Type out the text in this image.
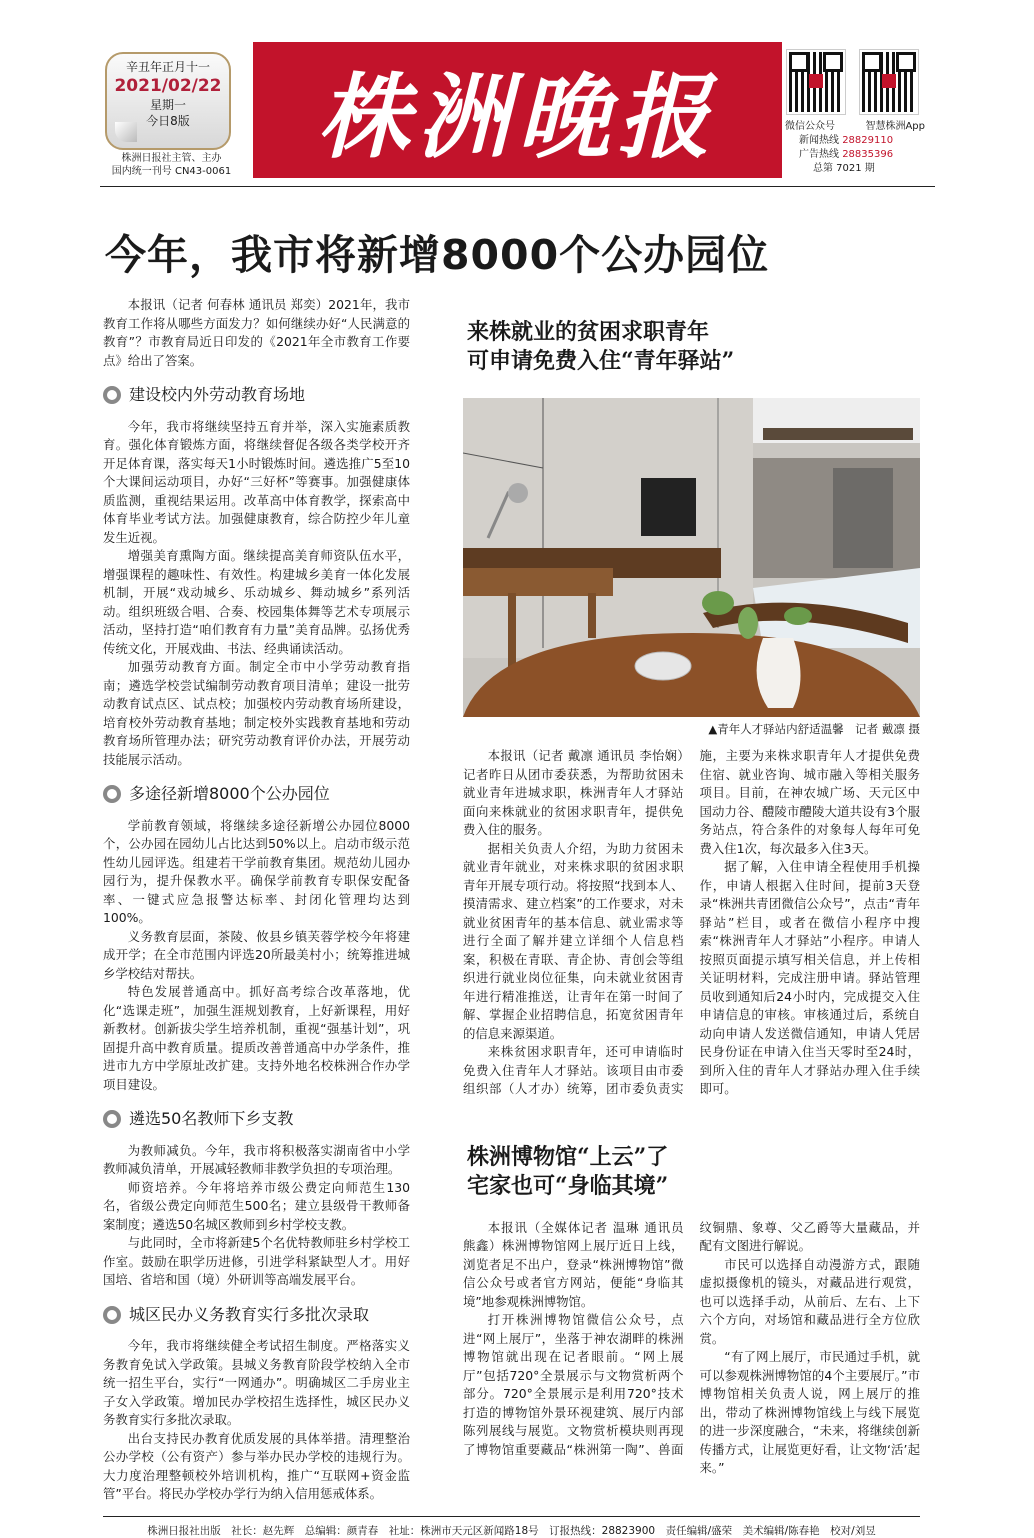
辛丑年正月十一
2021/02/22
星期一
今日8版
株洲日报社主管、主办
国内统一刊号 CN43-0061
株洲晚报	微信公众号	智慧株洲App
新闻热线 28829110
广告热线 28835396
总第 7021 期
今年，我市将新增8000个公办园位

本报讯（记者 何春林 通讯员 郑奕）2021年，我市教育工作将从哪些方面发力？如何继续办好“人民满意的教育”？市教育局近日印发的《2021年全市教育工作要点》给出了答案。

建设校内外劳动教育场地

今年，我市将继续坚持五育并举，深入实施素质教育。强化体育锻炼方面，将继续督促各级各类学校开齐开足体育课，落实每天1小时锻炼时间。遴选推广5至10个大课间运动项目，办好“三好杯”等赛事。加强健康体质监测，重视结果运用。改革高中体育教学，探索高中体育毕业考试方法。加强健康教育，综合防控少年儿童发生近视。

增强美育熏陶方面。继续提高美育师资队伍水平，增强课程的趣味性、有效性。构建城乡美育一体化发展机制，开展“戏动城乡、乐动城乡、舞动城乡”系列活动。组织班级合唱、合奏、校园集体舞等艺术专项展示活动，坚持打造“咱们教育有力量”美育品牌。弘扬优秀传统文化，开展戏曲、书法、经典诵读活动。

加强劳动教育方面。制定全市中小学劳动教育指南；遴选学校尝试编制劳动教育项目清单；建设一批劳动教育试点区、试点校；加强校内劳动教育场所建设，培育校外劳动教育基地；制定校外实践教育基地和劳动教育场所管理办法；研究劳动教育评价办法，开展劳动技能展示活动。

多途径新增8000个公办园位

学前教育领域，将继续多途径新增公办园位8000个，公办园在园幼儿占比达到50%以上。启动市级示范性幼儿园评选。组建若干学前教育集团。规范幼儿园办园行为，提升保教水平。确保学前教育专职保安配备率、一键式应急报警达标率、封闭化管理均达到100%。

义务教育层面，茶陵、攸县乡镇芙蓉学校今年将建成开学；在全市范围内评选20所最美村小；统筹推进城乡学校结对帮扶。

特色发展普通高中。抓好高考综合改革落地，优化“选课走班”，加强生涯规划教育，上好新课程，用好新教材。创新拔尖学生培养机制，重视“强基计划”，巩固提升高中教育质量。提质改善普通高中办学条件，推进市九方中学原址改扩建。支持外地名校株洲合作办学项目建设。

遴选50名教师下乡支教

为教师减负。今年，我市将积极落实湖南省中小学教师减负清单，开展减轻教师非教学负担的专项治理。

师资培养。今年将培养市级公费定向师范生130名，省级公费定向师范生500名；建立县级骨干教师备案制度；遴选50名城区教师到乡村学校支教。

与此同时，全市将新建5个名优特教师驻乡村学校工作室。鼓励在职学历进修，引进学科紧缺型人才。用好国培、省培和国（境）外研训等高端发展平台。

城区民办义务教育实行多批次录取

今年，我市将继续健全考试招生制度。严格落实义务教育免试入学政策。县城义务教育阶段学校纳入全市统一招生平台，实行“一网通办”。明确城区二手房业主子女入学政策。增加民办学校招生选择性，城区民办义务教育实行多批次录取。

出台支持民办教育优质发展的具体举措。清理整治公办学校（公有资产）参与举办民办学校的违规行为。大力度治理整顿校外培训机构，推广“互联网+资金监管”平台。将民办学校办学行为纳入信用惩戒体系。

来株就业的贫困求职青年
可申请免费入住“青年驿站”
▲青年人才驿站内舒适温馨　记者 戴凛 摄

本报讯（记者 戴凛 通讯员 李怡娴）记者昨日从团市委获悉，为帮助贫困未就业青年进城求职，株洲青年人才驿站面向来株就业的贫困求职青年，提供免费入住的服务。

据相关负责人介绍，为助力贫困未就业青年就业，对来株求职的贫困求职青年开展专项行动。将按照“找到本人、摸清需求、建立档案”的工作要求，对未就业贫困青年的基本信息、就业需求等进行全面了解并建立详细个人信息档案，积极在青联、青企协、青创会等组织进行就业岗位征集，向未就业贫困青年进行精准推送，让青年在第一时间了解、掌握企业招聘信息，拓宽贫困青年的信息来源渠道。

来株贫困求职青年，还可申请临时免费入住青年人才驿站。该项目由市委组织部（人才办）统筹，团市委负责实施，主要为来株求职青年人才提供免费住宿、就业咨询、城市融入等相关服务项目。目前，在神农城广场、天元区中国动力谷、醴陵市醴陵大道共设有3个服务站点，符合条件的对象每人每年可免费入住1次，每次最多入住3天。

据了解，入住申请全程使用手机操作，申请人根据入住时间，提前3天登录“株洲共青团微信公众号”，点击“青年驿站”栏目，或者在微信小程序中搜索“株洲青年人才驿站”小程序。申请人按照页面提示填写相关信息，并上传相关证明材料，完成注册申请。驿站管理员收到通知后24小时内，完成提交入住申请信息的审核。审核通过后，系统自动向申请人发送微信通知，申请人凭居民身份证在申请入住当天零时至24时，到所入住的青年人才驿站办理入住手续即可。

株洲博物馆“上云”了
宅家也可“身临其境”

本报讯（全媒体记者 温琳 通讯员 熊鑫）株洲博物馆网上展厅近日上线，浏览者足不出户，登录“株洲博物馆”微信公众号或者官方网站，便能“身临其境”地参观株洲博物馆。

打开株洲博物馆微信公众号，点进“网上展厅”，坐落于神农湖畔的株洲博物馆就出现在记者眼前。“网上展厅”包括720°全景展示与文物赏析两个部分。720°全景展示是利用720°技术打造的博物馆外景环视建筑、展厅内部陈列展线与展览。文物赏析模块则再现了博物馆重要藏品“株洲第一陶”、兽面纹铜鼎、象尊、父乙爵等大量藏品，并配有文图进行解说。

市民可以选择自动漫游方式，跟随虚拟摄像机的镜头，对藏品进行观赏，也可以选择手动，从前后、左右、上下六个方向，对场馆和藏品进行全方位欣赏。

“有了网上展厅，市民通过手机，就可以参观株洲博物馆的4个主要展厅。”市博物馆相关负责人说，网上展厅的推出，带动了株洲博物馆线上与线下展览的进一步深度融合，“未来，将继续创新传播方式，让展览更好看，让文物‘活’起来。”

株洲日报社出版　社长：赵先辉　总编辑：颜青春　社址：株洲市天元区新闻路18号　订报热线：28823900　责任编辑/盛荣　美术编辑/陈春艳　校对/刘昱
